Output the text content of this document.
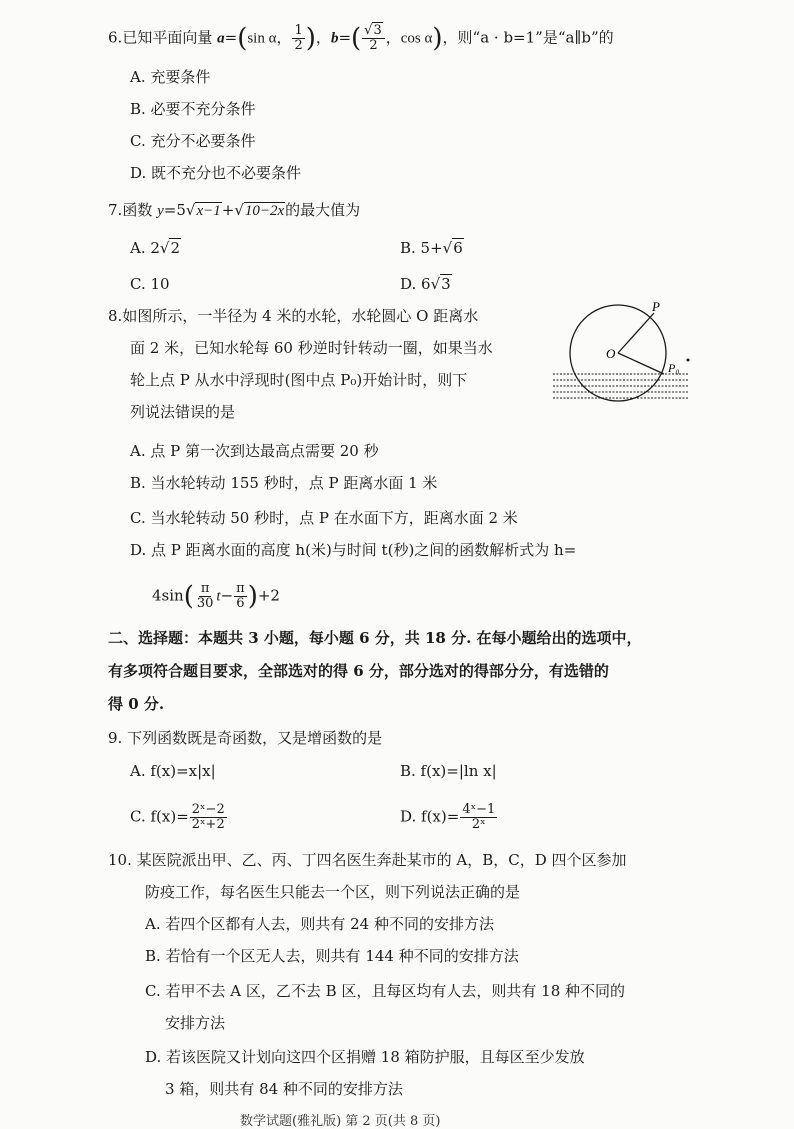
6.已知平面向量 a=(sin α， $\frac{1}{2}$ )，$b=( \frac{√3}{2}$ ，cos α)，则“a · b=1”是“a∥b”的
A. 充要条件
B. 必要不充分条件
C. 充分不必要条件
D. 既不充分也不必要条件
7.函数 y=5√x−1+√10−2x的最大值为
A. 2√2	B. 5+√6
C. 10	D. 6√3
8.如图所示，一半径为 4 米的水轮，水轮圆心 O 距离水
面 2 米，已知水轮每 60 秒逆时针转动一圈，如果当水
轮上点 P 从水中浮现时(图中点 P₀)开始计时，则下
列说法错误的是
O
P
P₀
A. 点 P 第一次到达最高点需要 20 秒
B. 当水轮转动 155 秒时，点 P 距离水面 1 米
C. 当水轮转动 50 秒时，点 P 在水面下方，距离水面 2 米
D. 点 P 距离水面的高度 h(米)与时间 t(秒)之间的函数解析式为 h=
$4\sin( \frac{\pi}{30} t- \frac{\pi}{6} )+2$
二、选择题：本题共 3 小题，每小题 6 分，共 18 分. 在每小题给出的选项中，
有多项符合题目要求，全部选对的得 6 分，部分选对的得部分分，有选错的
得 0 分.
9. 下列函数既是奇函数，又是增函数的是
A. f(x)=x|x|	B. f(x)=|ln x|
C. $f(x)= \frac{\text{2ˣ−2}}{\text{2ˣ+2}}$	D. $f(x)= \frac{\text{4ˣ−1}}{\text{2ˣ}}$
10. 某医院派出甲、乙、丙、丁四名医生奔赴某市的 A，B，C，D 四个区参加
防疫工作，每名医生只能去一个区，则下列说法正确的是
A. 若四个区都有人去，则共有 24 种不同的安排方法
B. 若恰有一个区无人去，则共有 144 种不同的安排方法
C. 若甲不去 A 区，乙不去 B 区，且每区均有人去，则共有 18 种不同的
安排方法
D. 若该医院又计划向这四个区捐赠 18 箱防护服，且每区至少发放
3 箱，则共有 84 种不同的安排方法
数学试题(雅礼版) 第 2 页(共 8 页)
